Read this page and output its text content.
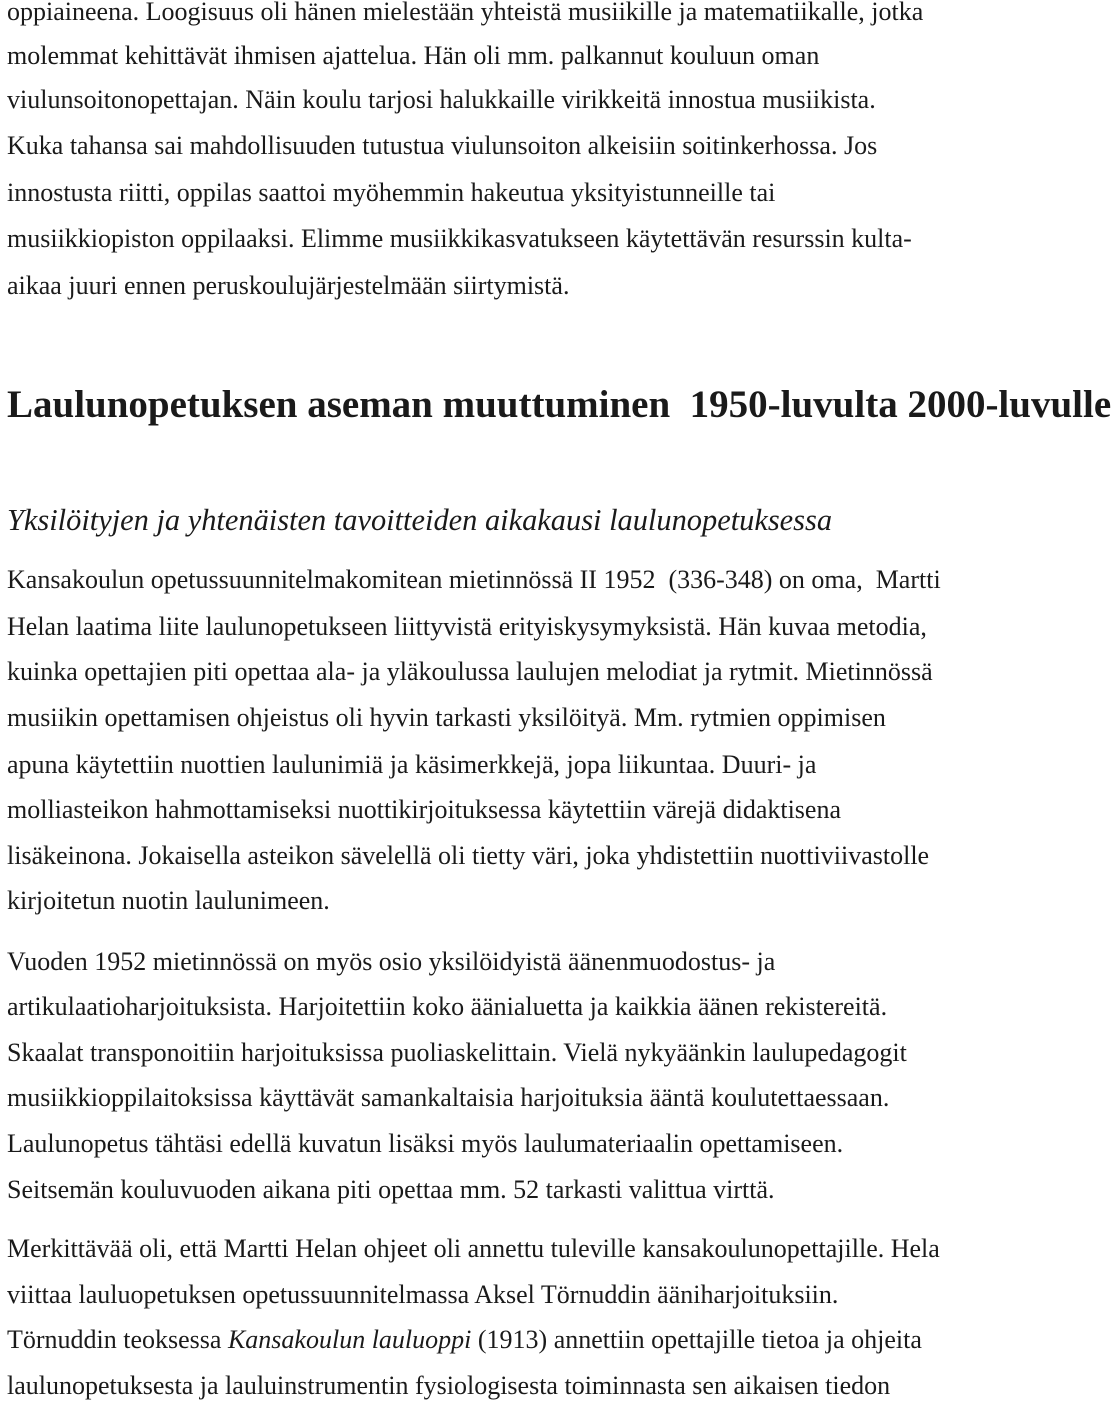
oppiaineena. Loogisuus oli hänen mielestään yhteistä musiikille ja matematiikalle, jotka

molemmat kehittävät ihmisen ajattelua. Hän oli mm. palkannut kouluun oman

viulunsoitonopettajan. Näin koulu tarjosi halukkaille virikkeitä innostua musiikista.

Kuka tahansa sai mahdollisuuden tutustua viulunsoiton alkeisiin soitinkerhossa. Jos

innostusta riitti, oppilas saattoi myöhemmin hakeutua yksityistunneille tai

musiikkiopiston oppilaaksi. Elimme musiikkikasvatukseen käytettävän resurssin kulta-

aikaa juuri ennen peruskoulujärjestelmään siirtymistä.

Laulunopetuksen aseman muuttuminen  1950-luvulta 2000-luvulle
Yksilöityjen ja yhtenäisten tavoitteiden aikakausi laulunopetuksessa

Kansakoulun opetussuunnitelmakomitean mietinnössä II 1952  (336-348) on oma,  Martti

Helan laatima liite laulunopetukseen liittyvistä erityiskysymyksistä. Hän kuvaa metodia,

kuinka opettajien piti opettaa ala- ja yläkoulussa laulujen melodiat ja rytmit. Mietinnössä

musiikin opettamisen ohjeistus oli hyvin tarkasti yksilöityä. Mm. rytmien oppimisen

apuna käytettiin nuottien laulunimiä ja käsimerkkejä, jopa liikuntaa. Duuri- ja

molliasteikon hahmottamiseksi nuottikirjoituksessa käytettiin värejä didaktisena

lisäkeinona. Jokaisella asteikon sävelellä oli tietty väri, joka yhdistettiin nuottiviivastolle

kirjoitetun nuotin laulunimeen.

Vuoden 1952 mietinnössä on myös osio yksilöidyistä äänenmuodostus- ja

artikulaatioharjoituksista. Harjoitettiin koko äänialuetta ja kaikkia äänen rekistereitä.

Skaalat transponoitiin harjoituksissa puoliaskelittain. Vielä nykyäänkin laulupedagogit

musiikkioppilaitoksissa käyttävät samankaltaisia harjoituksia ääntä koulutettaessaan.

Laulunopetus tähtäsi edellä kuvatun lisäksi myös laulumateriaalin opettamiseen.

Seitsemän kouluvuoden aikana piti opettaa mm. 52 tarkasti valittua virttä.

Merkittävää oli, että Martti Helan ohjeet oli annettu tuleville kansakoulunopettajille. Hela

viittaa lauluopetuksen opetussuunnitelmassa Aksel Törnuddin ääniharjoituksiin.

Törnuddin teoksessa Kansakoulun lauluoppi (1913) annettiin opettajille tietoa ja ohjeita

laulunopetuksesta ja lauluinstrumentin fysiologisesta toiminnasta sen aikaisen tiedon
